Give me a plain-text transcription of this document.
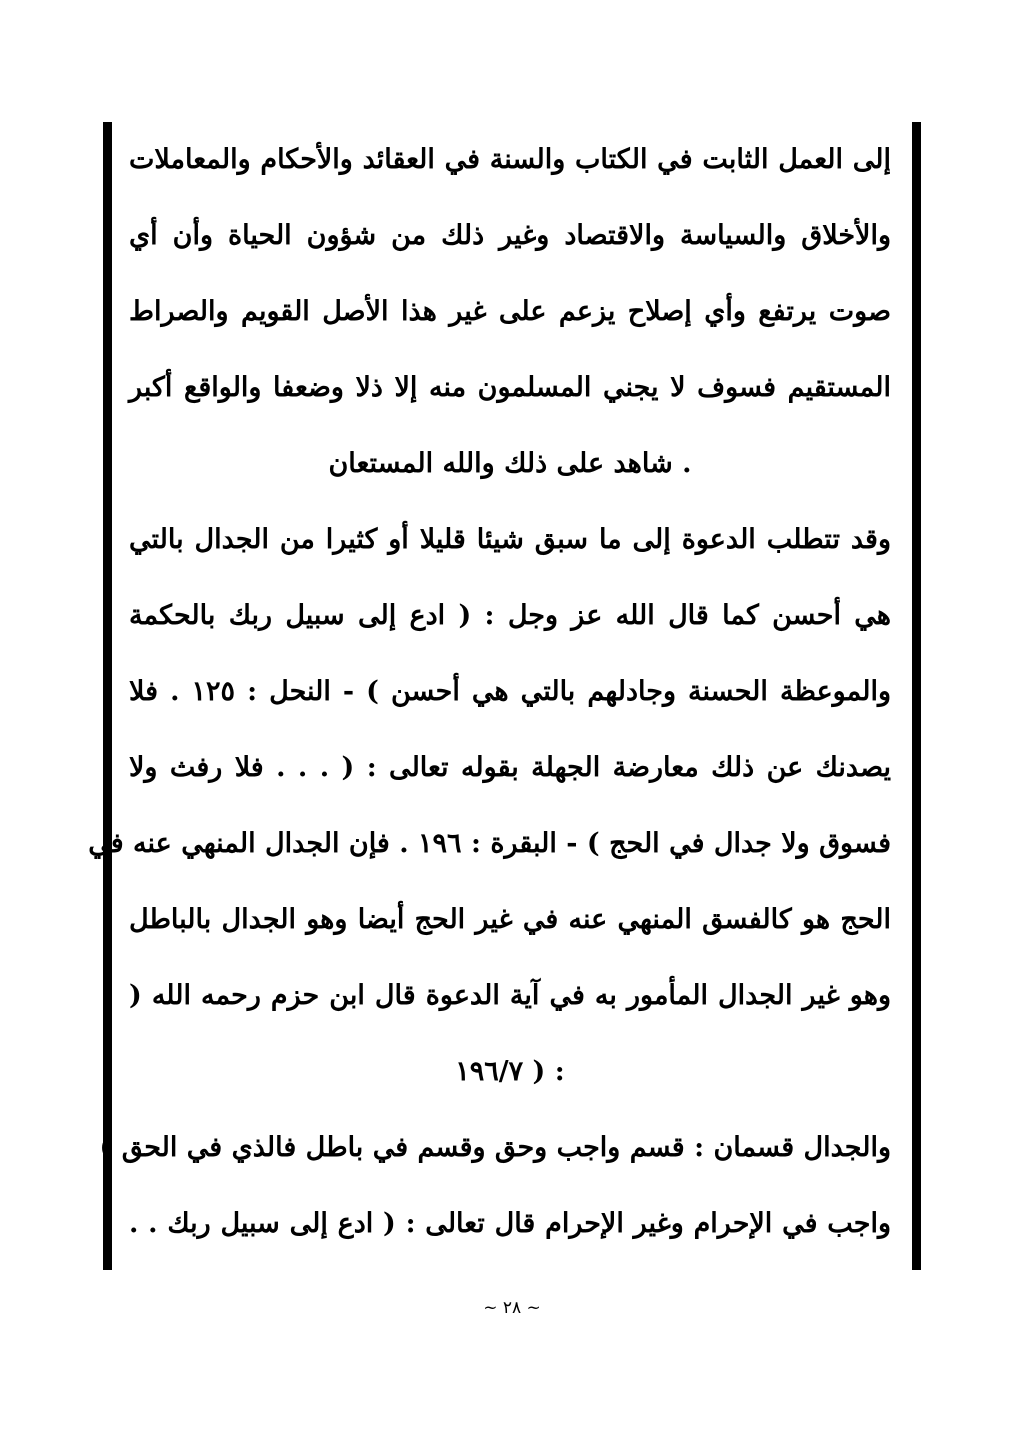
إلى العمل الثابت في الكتاب والسنة في العقائد والأحكام والمعاملات
والأخلاق والسياسة والاقتصاد وغير ذلك من شؤون الحياة وأن أي
صوت يرتفع وأي إصلاح يزعم على غير هذا الأصل القويم والصراط
المستقيم فسوف لا يجني المسلمون منه إلا ذلا وضعفا والواقع أكبر
. شاهد على ذلك والله المستعان
وقد تتطلب الدعوة إلى ما سبق شيئا قليلا أو كثيرا من الجدال بالتي
هي أحسن كما قال الله عز وجل : ( ادع إلى سبيل ربك بالحكمة
والموعظة الحسنة وجادلهم بالتي هي أحسن ) - النحل : ١٢٥ . فلا
يصدنك عن ذلك معارضة الجهلة بقوله تعالى : ( . . . فلا رفث ولا
فسوق ولا جدال في الحج ) - البقرة : ١٩٦ . فإن الجدال المنهي عنه في
الحج هو كالفسق المنهي عنه في غير الحج أيضا وهو الجدال بالباطل
وهو غير الجدال المأمور به في آية الدعوة قال ابن حزم رحمه الله (
: ( ١٩٦/٧
والجدال قسمان : قسم واجب وحق وقسم في باطل فالذي في الحق )
واجب في الإحرام وغير الإحرام قال تعالى : ( ادع إلى سبيل ربك . .
~ ٢٨ ~
